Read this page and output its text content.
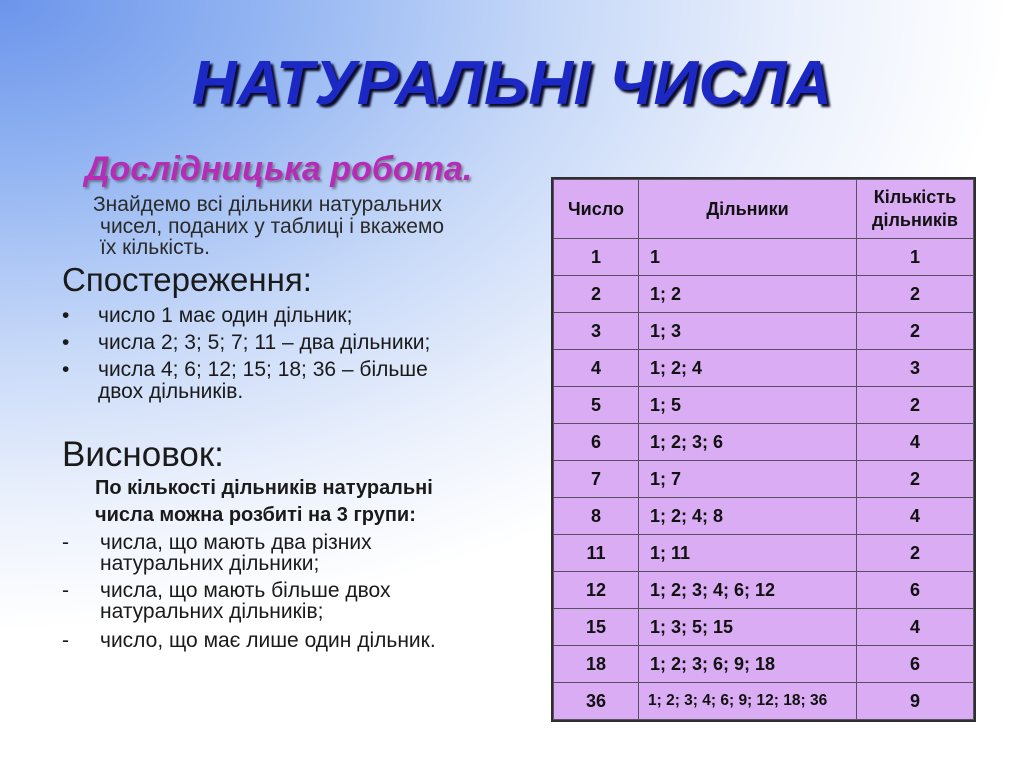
НАТУРАЛЬНІ ЧИСЛА
Дослідницька робота.
Знайдемо всі дільники натуральних
чисел, поданих у таблиці і вкажемо
їх кількість.
Спостереження:
• число 1 має один дільник;
• числа 2; 3; 5; 7; 11 – два дільники;
• числа 4; 6; 12; 15; 18; 36 – більше
двох дільників.
Висновок:
По кількості дільників натуральні
числа можна розбиті на 3 групи:
- числа, що мають два різних
натуральних дільники;
- числа, що мають більше двох
натуральних дільників;
- число, що має лише один дільник.
Число	Дільники	Кількість дільників
1	1	1
2	1; 2	2
3	1; 3	2
4	1; 2; 4	3
5	1; 5	2
6	1; 2; 3; 6	4
7	1; 7	2
8	1; 2; 4; 8	4
11	1; 11	2
12	1; 2; 3; 4; 6; 12	6
15	1; 3; 5; 15	4
18	1; 2; 3; 6; 9; 18	6
36	1; 2; 3; 4; 6; 9; 12; 18; 36	9
